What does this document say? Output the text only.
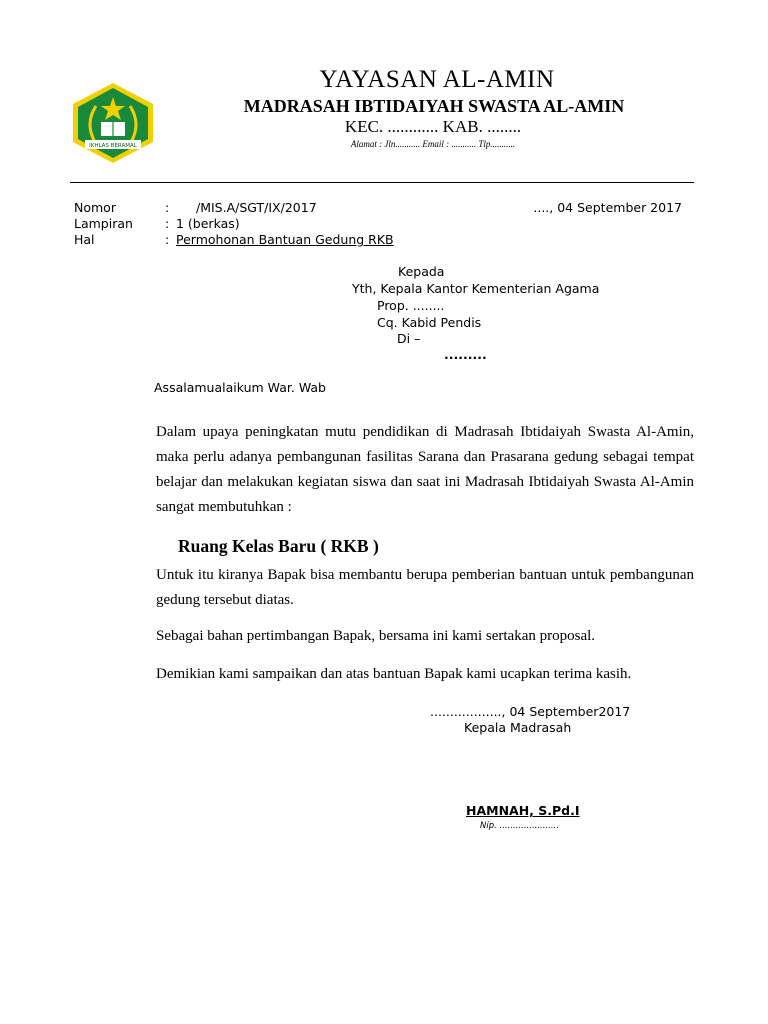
IKHLAS BERAMAL
YAYASAN AL-AMIN
MADRASAH IBTIDAIYAH SWASTA AL-AMIN
KEC. ............ KAB. ........
Alamat : Jln........... Email : ........... Tlp...........
Nomor	: /MIS.A/SGT/IX/2017	...., 04 September 2017
Lampiran	: 1 (berkas)
Hal	: Permohonan Bantuan Gedung RKB
Kepada
Yth, Kepala Kantor Kementerian Agama
Prop. ........
Cq. Kabid Pendis
Di –
.........
Assalamualaikum War. Wab
Dalam upaya peningkatan mutu pendidikan di Madrasah Ibtidaiyah Swasta Al-Amin, maka perlu adanya pembangunan fasilitas Sarana dan Prasarana gedung sebagai tempat belajar dan melakukan kegiatan siswa dan saat ini Madrasah Ibtidaiyah Swasta Al-Amin sangat membutuhkan :
Ruang Kelas Baru ( RKB )
Untuk itu kiranya Bapak bisa membantu berupa pemberian bantuan untuk pembangunan gedung tersebut diatas.
Sebagai bahan pertimbangan Bapak, bersama ini kami sertakan proposal.
Demikian kami sampaikan dan atas bantuan Bapak kami ucapkan terima kasih.
.................., 04 September2017
Kepala Madrasah
HAMNAH, S.Pd.I
Nip. ......................
